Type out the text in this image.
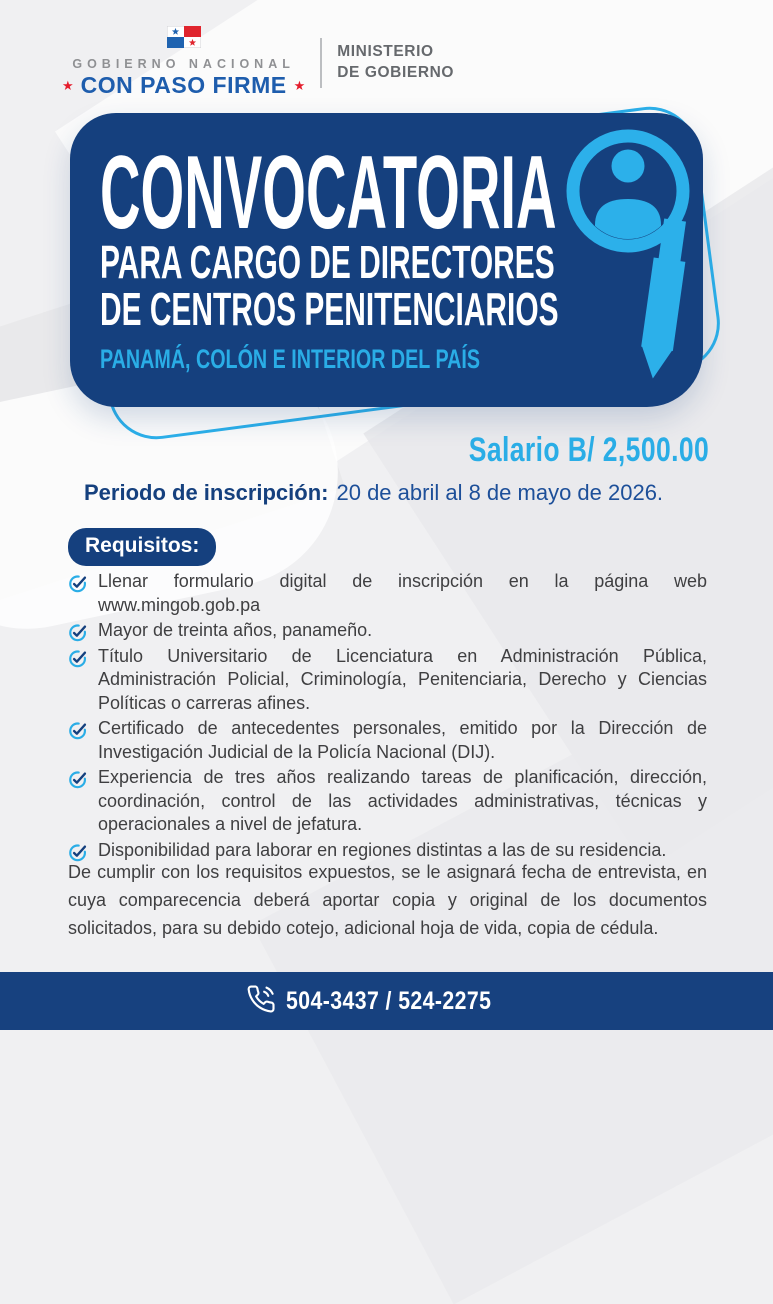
GOBIERNO NACIONAL
★ CON PASO FIRME ★
MINISTERIO
DE GOBIERNO
CONVOCATORIA
PARA CARGO DE DIRECTORES
DE CENTROS PENITENCIARIOS
PANAMÁ, COLÓN E INTERIOR DEL PAÍS
Salario B/ 2,500.00
Periodo de inscripción: 20 de abril al 8 de mayo de 2026.
Requisitos:
Llenar formulario digital de inscripción en la página web www.mingob.gob.pa
Mayor de treinta años, panameño.
Título Universitario de Licenciatura en Administración Pública, Administración Policial, Criminología, Penitenciaria, Derecho y Ciencias Políticas o carreras afines.
Certificado de antecedentes personales, emitido por la Dirección de Investigación Judicial de la Policía Nacional (DIJ).
Experiencia de tres años realizando tareas de planificación, dirección, coordinación, control de las actividades administrativas, técnicas y operacionales a nivel de jefatura.
Disponibilidad para laborar en regiones distintas a las de su residencia.
De cumplir con los requisitos expuestos, se le asignará fecha de entrevista, en cuya comparecencia deberá aportar copia y original de los documentos solicitados, para su debido cotejo, adicional hoja de vida, copia de cédula.
504-3437 / 524-2275
